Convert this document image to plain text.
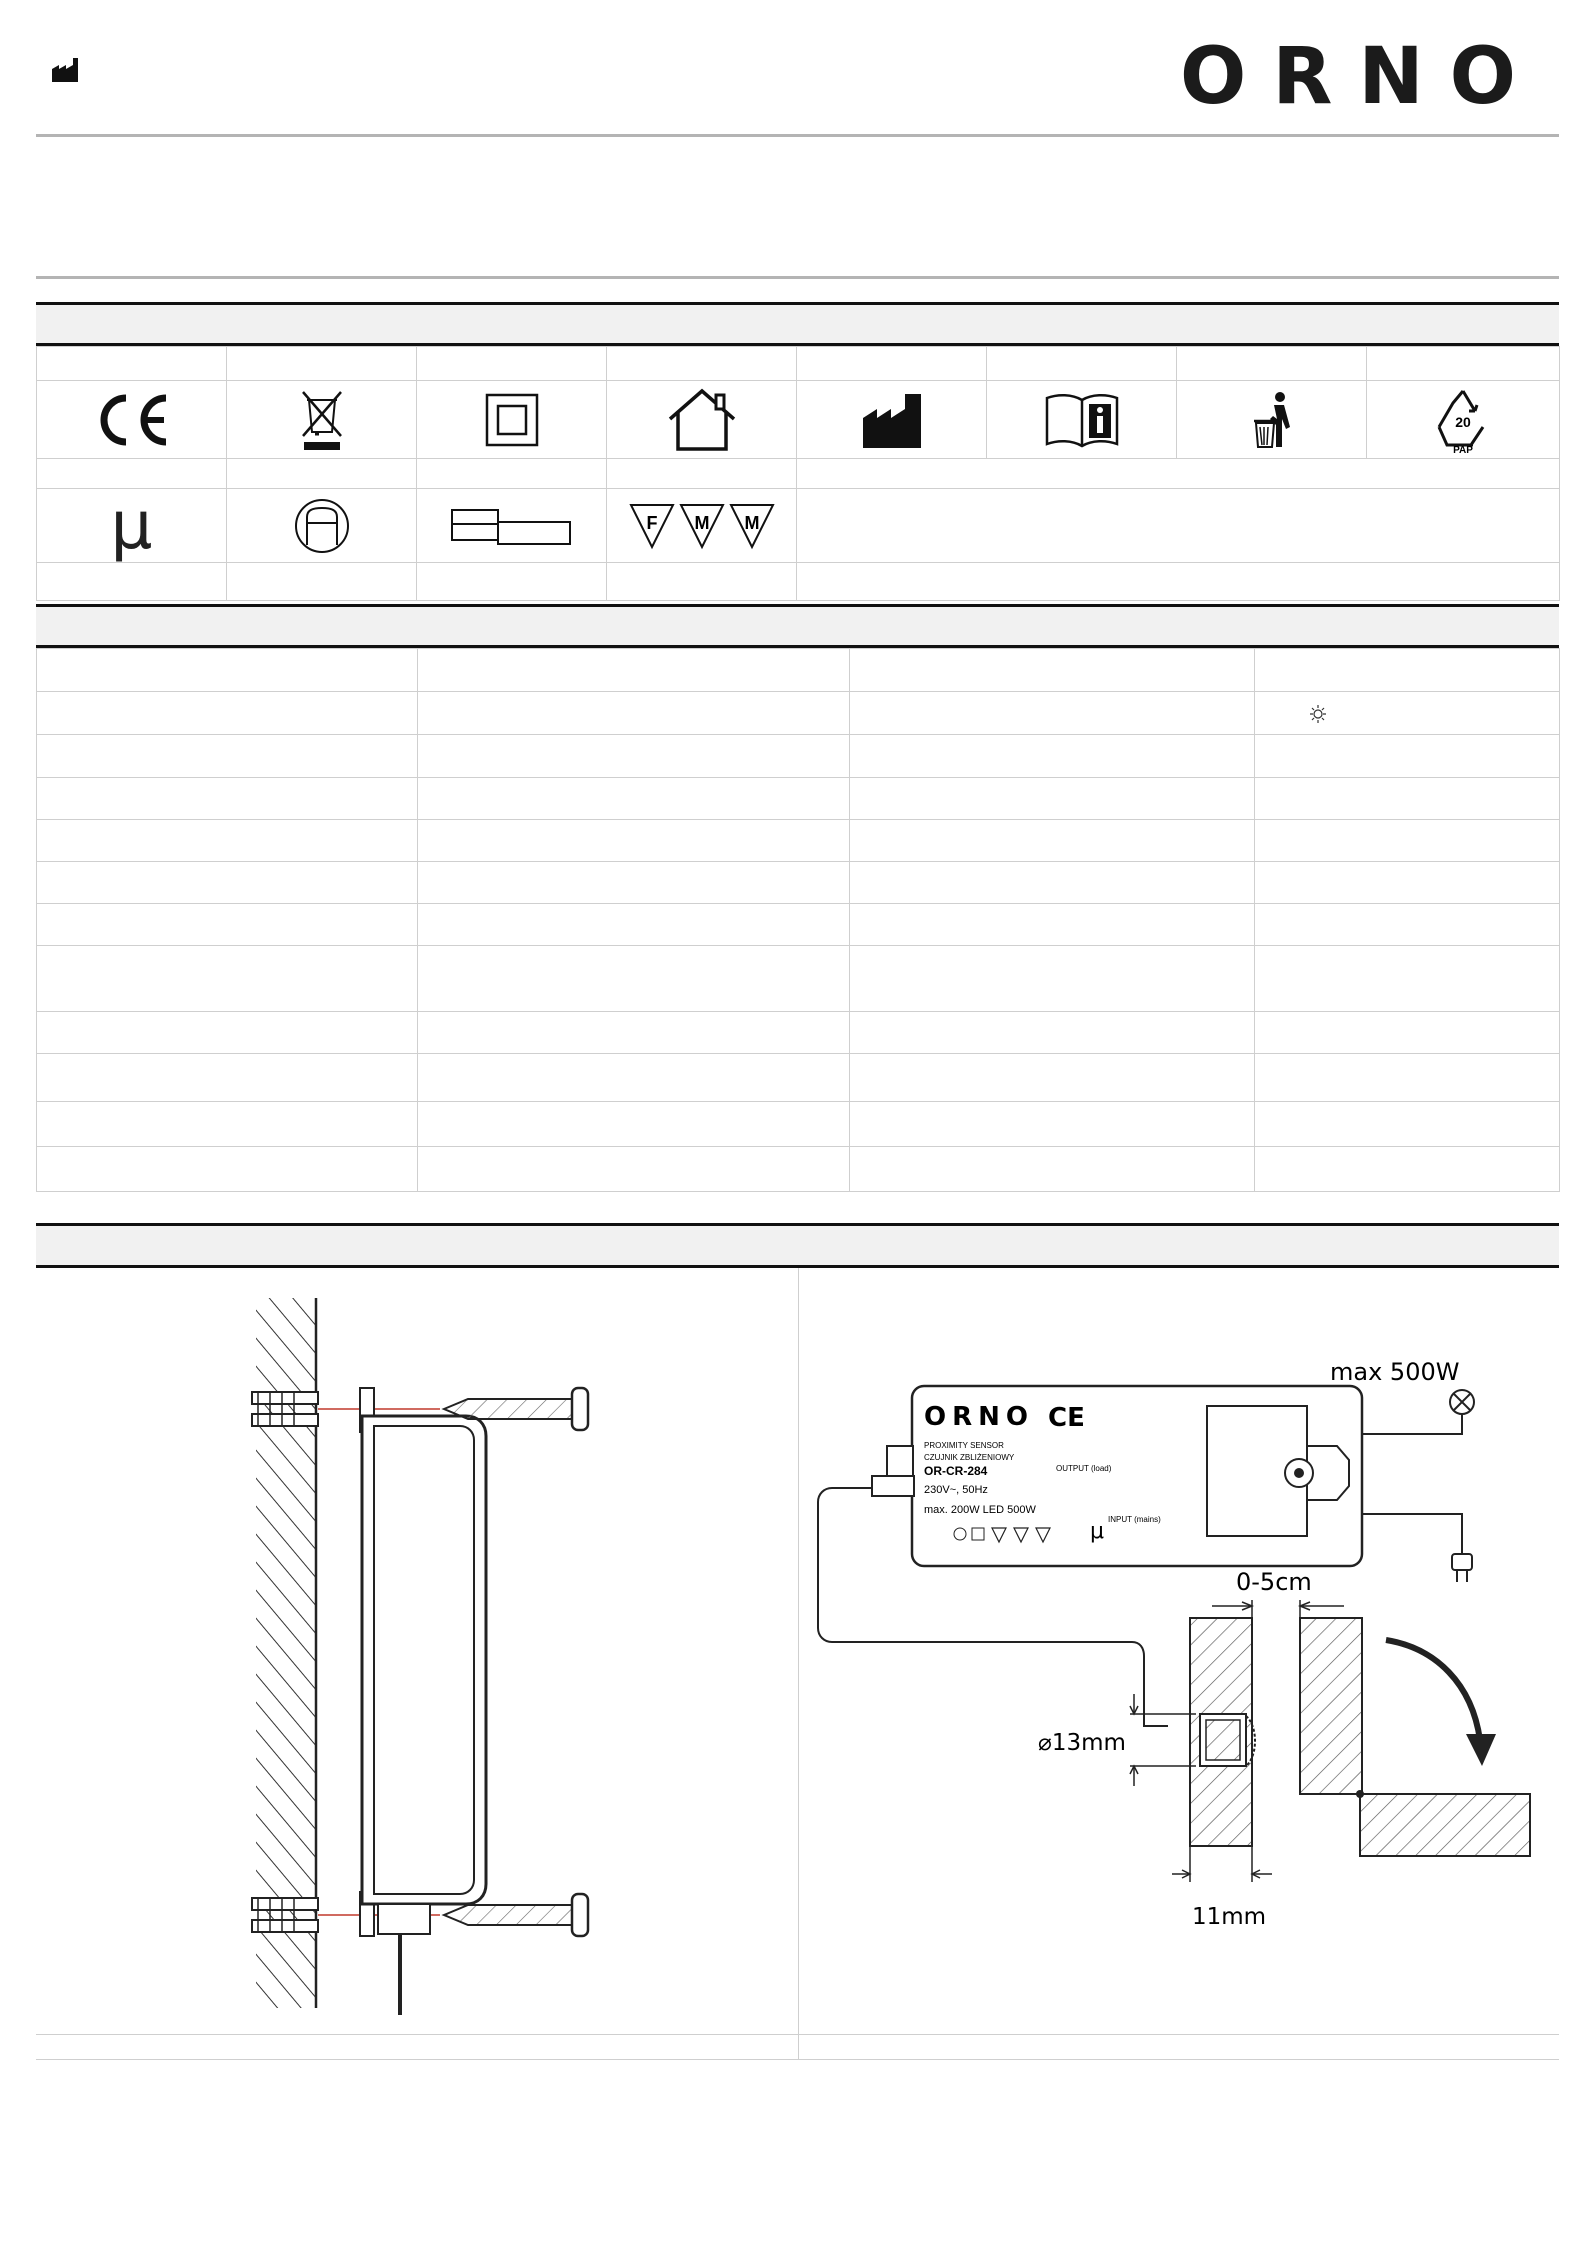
ORNO

20
PAP

μ			F M M				

ORNO CE
PROXIMITY SENSOR
CZUJNIK ZBLIŻENIOWY
OR-CR-284
230V~, 50Hz
max. 200W LED 500W
OUTPUT (load)
INPUT (mains)
μ
max 500W
0-5cm
⌀13mm
11mm
